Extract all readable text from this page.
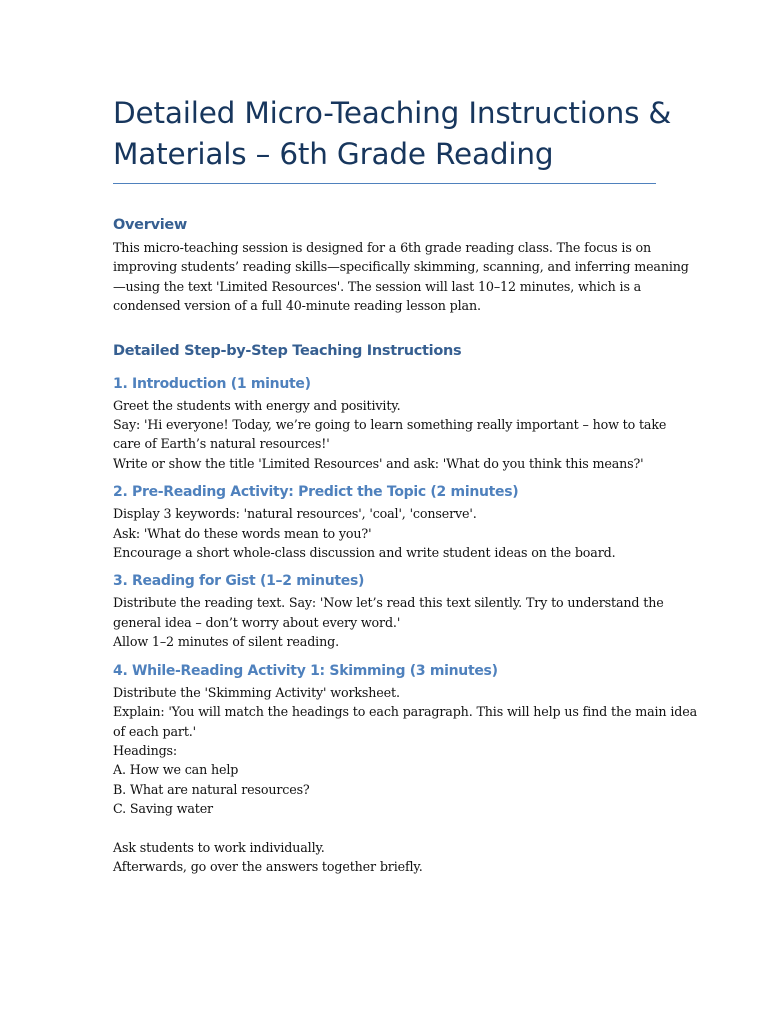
Detailed Micro-Teaching Instructions &
Materials – 6th Grade Reading
Overview
This micro-teaching session is designed for a 6th grade reading class. The focus is on
improving students’ reading skills—specifically skimming, scanning, and inferring meaning
—using the text 'Limited Resources'. The session will last 10–12 minutes, which is a
condensed version of a full 40-minute reading lesson plan.
Detailed Step-by-Step Teaching Instructions
1. Introduction (1 minute)
Greet the students with energy and positivity.
Say: 'Hi everyone! Today, we’re going to learn something really important – how to take
care of Earth’s natural resources!'
Write or show the title 'Limited Resources' and ask: 'What do you think this means?'
2. Pre-Reading Activity: Predict the Topic (2 minutes)
Display 3 keywords: 'natural resources', 'coal', 'conserve'.
Ask: 'What do these words mean to you?'
Encourage a short whole-class discussion and write student ideas on the board.
3. Reading for Gist (1–2 minutes)
Distribute the reading text. Say: 'Now let’s read this text silently. Try to understand the
general idea – don’t worry about every word.'
Allow 1–2 minutes of silent reading.
4. While-Reading Activity 1: Skimming (3 minutes)
Distribute the 'Skimming Activity' worksheet.
Explain: 'You will match the headings to each paragraph. This will help us find the main idea
of each part.'
Headings:
A. How we can help
B. What are natural resources?
C. Saving water
Ask students to work individually.
Afterwards, go over the answers together briefly.
